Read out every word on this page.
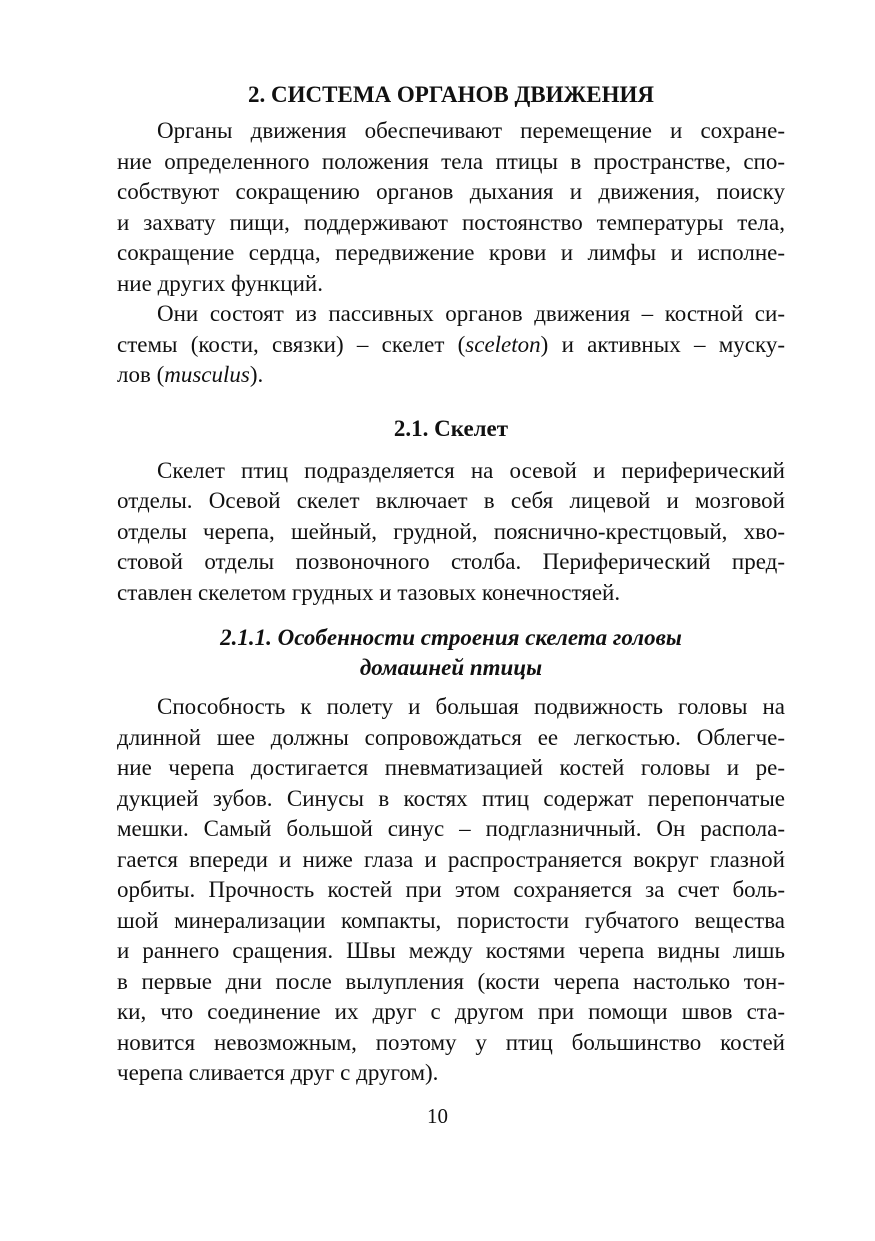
2. СИСТЕМА ОРГАНОВ ДВИЖЕНИЯ
Органы движения обеспечивают перемещение и сохране-
ние определенного положения тела птицы в пространстве, спо-
собствуют сокращению органов дыхания и движения, поиску
и захвату пищи, поддерживают постоянство температуры тела,
сокращение сердца, передвижение крови и лимфы и исполне-
ние других функций.
Они состоят из пассивных органов движения – костной си-
стемы (кости, связки) – скелет (sceleton) и активных – муску-
лов (musculus).
2.1. Скелет
Скелет птиц подразделяется на осевой и периферический
отделы. Осевой скелет включает в себя лицевой и мозговой
отделы черепа, шейный, грудной, пояснично-крестцовый, хво-
стовой отделы позвоночного столба. Периферический пред-
ставлен скелетом грудных и тазовых конечностяей.
2.1.1. Особенности строения скелета головы
домашней птицы
Способность к полету и большая подвижность головы на
длинной шее должны сопровождаться ее легкостью. Облегче-
ние черепа достигается пневматизацией костей головы и ре-
дукцией зубов. Синусы в костях птиц содержат перепончатые
мешки. Самый большой синус – подглазничный. Он распола-
гается впереди и ниже глаза и распространяется вокруг глазной
орбиты. Прочность костей при этом сохраняется за счет боль-
шой минерализации компакты, пористости губчатого вещества
и раннего сращения. Швы между костями черепа видны лишь
в первые дни после вылупления (кости черепа настолько тон-
ки, что соединение их друг с другом при помощи швов ста-
новится невозможным, поэтому у птиц большинство костей
черепа сливается друг с другом).
10
